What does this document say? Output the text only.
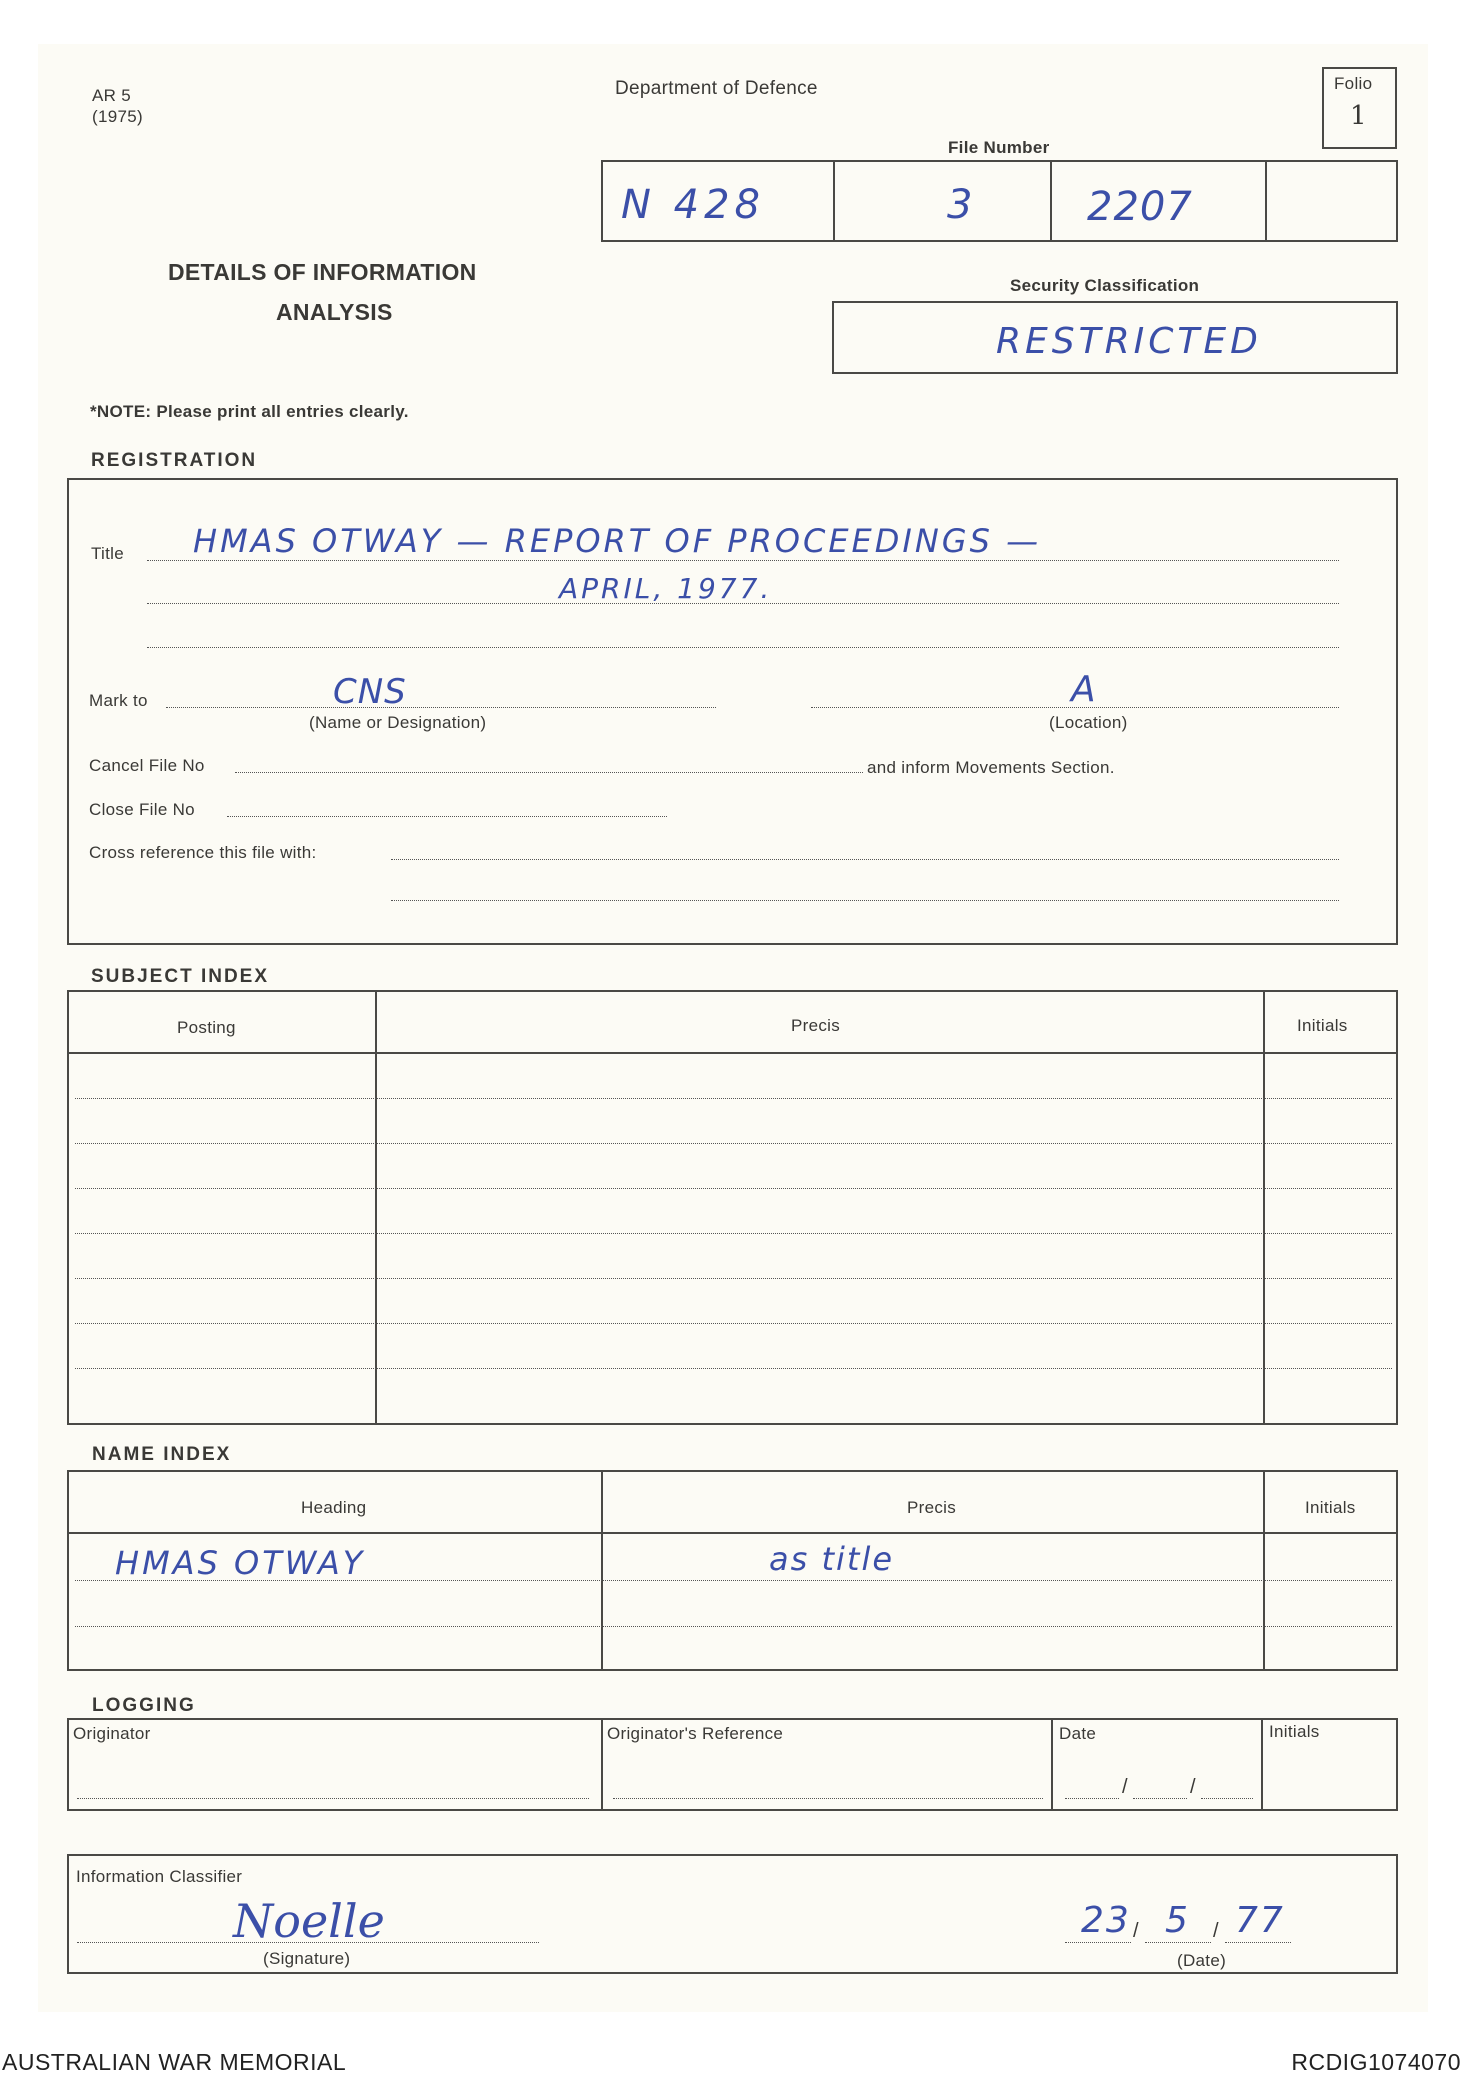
AR 5
(1975)
Department of Defence	Folio
1
File Number
N 428	3	2207
DETAILS OF INFORMATION
ANALYSIS
Security Classification
RESTRICTED
*NOTE: Please print all entries clearly.
REGISTRATION
Title HMAS OTWAY — REPORT OF PROCEEDINGS —
APRIL, 1977.
Mark to	CNS
(Name or Designation)
A
(Location)
Cancel File No	and inform Movements Section.
Close File No
Cross reference this file with:
SUBJECT INDEX
Posting	Precis	Initials
NAME INDEX
Heading	Precis	Initials
HMAS OTWAY	as title
LOGGING
Originator	Originator's Reference	Date	Initials
/	/
Information Classifier
Noelle
(Signature)
/	/
23 5 77
(Date)
AUSTRALIAN WAR MEMORIAL	RCDIG1074070
